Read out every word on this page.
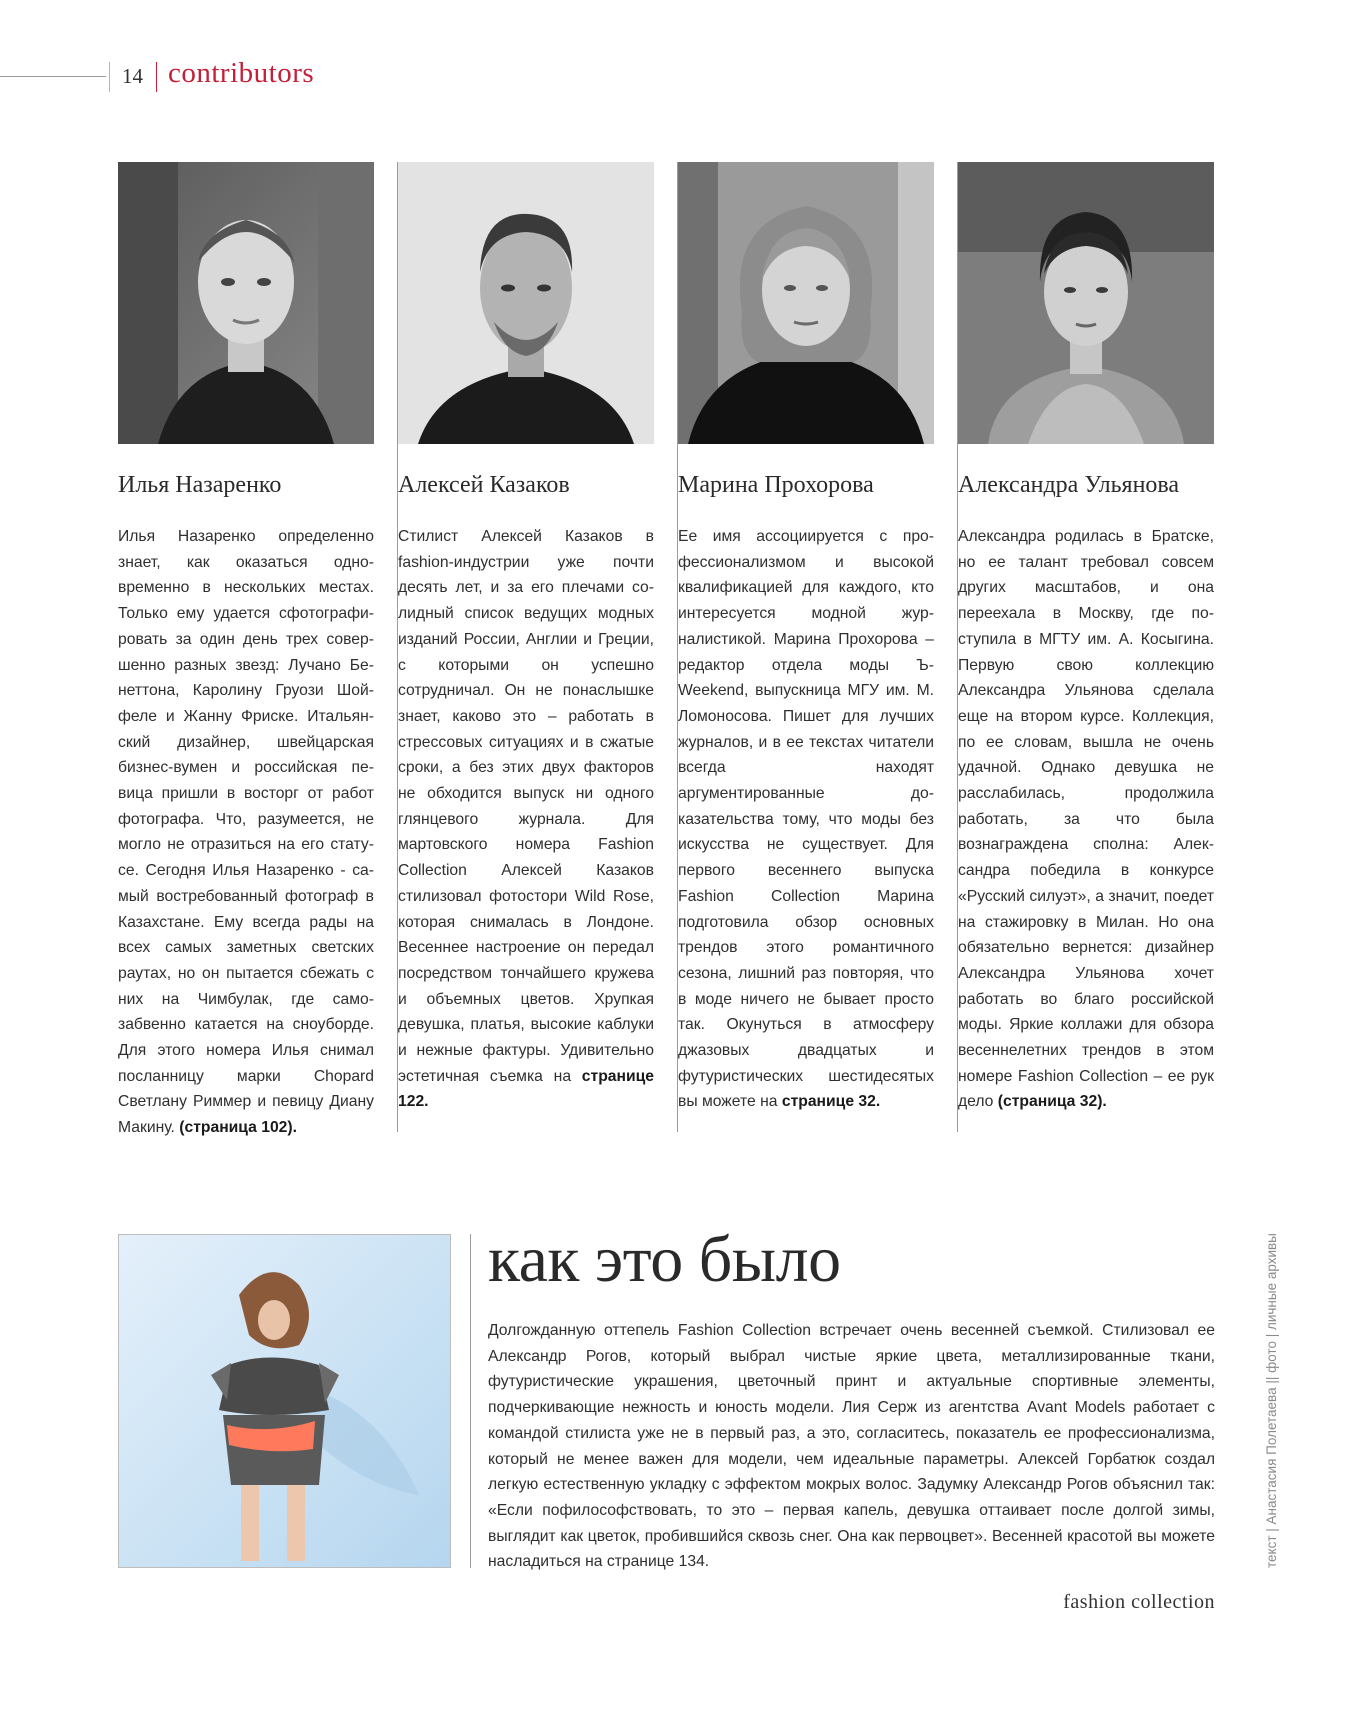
14 contributors
Илья Назаренко
Илья Назаренко определенно знает, как оказаться одновременно в нескольких местах. Только ему удается сфотографировать за один день трех совершенно разных звезд: Лучано Бенеттона, Каролину Груози Шойфеле и Жанну Фриске. Итальянский дизайнер, швейцарская бизнес-вумен и российская певица пришли в восторг от работ фотографа. Что, разумеется, не могло не отразиться на его статусе. Сегодня Илья Назаренко - самый востребованный фотограф в Казахстане. Ему всегда рады на всех самых заметных светских раутах, но он пытается сбежать с них на Чимбулак, где самозабвенно катается на сноуборде. Для этого номера Илья снимал посланницу марки Chopard Светлану Риммер и певицу Диану Макину. (страница 102).
Алексей Казаков
Стилист Алексей Казаков в fashion-индустрии уже почти десять лет, и за его плечами солидный список ведущих модных изданий России, Англии и Греции, с которыми он успешно сотрудничал. Он не понаслышке знает, каково это – работать в стрессовых ситуациях и в сжатые сроки, а без этих двух факторов не обходится выпуск ни одного глянцевого журнала. Для мартовского номера Fashion Collection Алексей Казаков стилизовал фотостори Wild Rose, которая снималась в Лондоне. Весеннее настроение он передал посредством тончайшего кружева и объемных цветов. Хрупкая девушка, платья, высокие каблуки и нежные фактуры. Удивительно эстетичная съемка на странице 122.
Марина Прохорова
Ее имя ассоциируется с профессионализмом и высокой квалификацией для каждого, кто интересуется модной журналистикой. Марина Прохорова – редактор отдела моды Ъ-Weekend, выпускница МГУ им. М. Ломоносова. Пишет для лучших журналов, и в ее текстах читатели всегда находят аргументированные доказательства тому, что моды без искусства не существует. Для первого весеннего выпуска Fashion Collection Марина подготовила обзор основных трендов этого романтичного сезона, лишний раз повторяя, что в моде ничего не бывает просто так. Окунуться в атмосферу джазовых двадцатых и футуристических шестидесятых вы можете на странице 32.
Александра Ульянова
Александра родилась в Братске, но ее талант требовал совсем других масштабов, и она переехала в Москву, где поступила в МГТУ им. А. Косыгина. Первую свою коллекцию Александра Ульянова сделала еще на втором курсе. Коллекция, по ее словам, вышла не очень удачной. Однако девушка не расслабилась, продолжила работать, за что была вознаграждена сполна: Александра победила в конкурсе «Русский силуэт», а значит, поедет на стажировку в Милан. Но она обязательно вернется: дизайнер Александра Ульянова хочет работать во благо российской моды. Яркие коллажи для обзора весеннелетних трендов в этом номере Fashion Collection – ее рук дело (страница 32).
как это было
Долгожданную оттепель Fashion Collection встречает очень весенней съемкой. Стилизовал ее Александр Рогов, который выбрал чистые яркие цвета, металлизированные ткани, футуристические украшения, цветочный принт и актуальные спортивные элементы, подчеркивающие нежность и юность модели. Лия Серж из агентства Avant Models работает с командой стилиста уже не в первый раз, а это, согласитесь, показатель ее профессионализма, который не менее важен для модели, чем идеальные параметры. Алексей Горбатюк создал легкую естественную укладку с эффектом мокрых волос. Задумку Александр Рогов объяснил так: «Если пофилософствовать, то это – первая капель, девушка оттаивает после долгой зимы, выглядит как цветок, пробившийся сквозь снег. Она как первоцвет». Весенней красотой вы можете насладиться на странице 134.	текст | Анастасия Полетаева || фото | личные архивы
fashion collection
